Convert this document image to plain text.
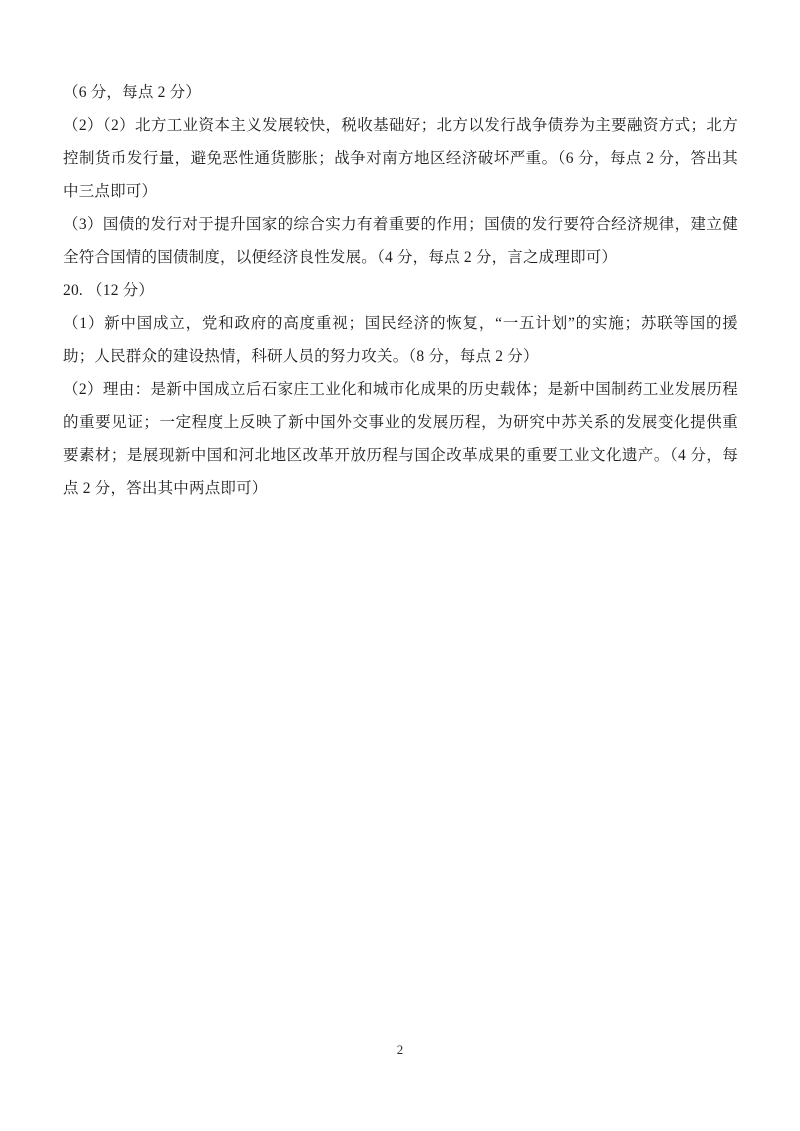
（6 分，每点 2 分）

（2）（2）北方工业资本主义发展较快，税收基础好；北方以发行战争债券为主要融资方式；北方控制货币发行量，避免恶性通货膨胀；战争对南方地区经济破坏严重。（6 分，每点 2 分，答出其中三点即可）

（3）国债的发行对于提升国家的综合实力有着重要的作用；国债的发行要符合经济规律，建立健全符合国情的国债制度，以便经济良性发展。（4 分，每点 2 分，言之成理即可）

20. （12 分）

（1）新中国成立，党和政府的高度重视；国民经济的恢复，“一五计划”的实施；苏联等国的援助；人民群众的建设热情，科研人员的努力攻关。（8 分，每点 2 分）

（2）理由：是新中国成立后石家庄工业化和城市化成果的历史载体；是新中国制药工业发展历程的重要见证；一定程度上反映了新中国外交事业的发展历程，为研究中苏关系的发展变化提供重要素材；是展现新中国和河北地区改革开放历程与国企改革成果的重要工业文化遗产。（4 分，每点 2 分，答出其中两点即可）

2
